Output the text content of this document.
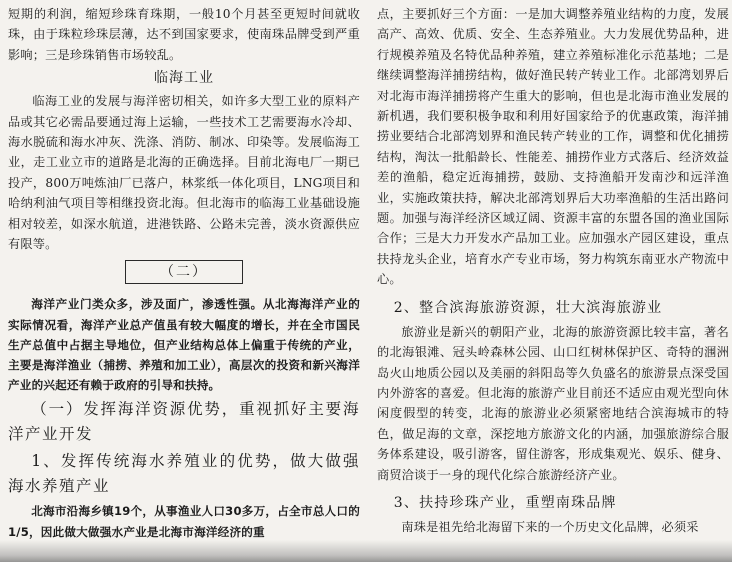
短期的利润，缩短珍珠育珠期，一般10个月甚至更短时间就收珠，由于珠粒珍珠层薄，达不到国家要求，使南珠品牌受到严重影响；三是珍珠销售市场较乱。

临海工业

临海工业的发展与海洋密切相关，如许多大型工业的原料产品或其它必需品要通过海上运输，一些技术工艺需要海水冷却、海水脱硫和海水冲灰、洗涤、消防、制冰、印染等。发展临海工业，走工业立市的道路是北海的正确选择。目前北海电厂一期已投产，800万吨炼油厂已落户，林浆纸一体化项目，LNG项目和哈纳利油气项目等相继投资北海。但北海市的临海工业基础设施相对较差，如深水航道，进港铁路、公路未完善，淡水资源供应有限等。

（二）

海洋产业门类众多，涉及面广，渗透性强。从北海海洋产业的实际情况看，海洋产业总产值虽有较大幅度的增长，并在全市国民生产总值中占据主导地位，但产业结构总体上偏重于传统的产业，主要是海洋渔业（捕捞、养殖和加工业），高层次的投资和新兴海洋产业的兴起还有赖于政府的引导和扶持。

（一）发挥海洋资源优势，重视抓好主要海洋产业开发

1、发挥传统海水养殖业的优势，做大做强海水养殖产业

北海市沿海乡镇19个，从事渔业人口30多万，占全市总人口的1/5，因此做大做强水产业是北海市海洋经济的重

点，主要抓好三个方面：一是加大调整养殖业结构的力度，发展高产、高效、优质、安全、生态养殖业。大力发展优势品种，进行规模养殖及名特优品种养殖，建立养殖标准化示范基地；二是继续调整海洋捕捞结构，做好渔民转产转业工作。北部湾划界后对北海市海洋捕捞将产生重大的影响，但也是北海市渔业发展的新机遇，我们要积极争取和利用好国家给予的优惠政策，海洋捕捞业要结合北部湾划界和渔民转产转业的工作，调整和优化捕捞结构，淘汰一批船龄长、性能差、捕捞作业方式落后、经济效益差的渔船，稳定近海捕捞，鼓励、支持渔船开发南沙和远洋渔业，实施政策扶持，解决北部湾划界后大功率渔船的生活出路问题。加强与海洋经济区域辽阔、资源丰富的东盟各国的渔业国际合作；三是大力开发水产品加工业。应加强水产园区建设，重点扶持龙头企业，培育水产专业市场，努力构筑东南亚水产物流中心。

2、整合滨海旅游资源，壮大滨海旅游业

旅游业是新兴的朝阳产业，北海的旅游资源比较丰富，著名的北海银滩、冠头岭森林公园、山口红树林保护区、奇特的涠洲岛火山地质公园以及美丽的斜阳岛等久负盛名的旅游景点深受国内外游客的喜爱。但北海的旅游产业目前还不适应由观光型向休闲度假型的转变，北海的旅游业必须紧密地结合滨海城市的特色，做足海的文章，深挖地方旅游文化的内涵，加强旅游综合服务体系建设，吸引游客，留住游客，形成集观光、娱乐、健身、商贸洽谈于一身的现代化综合旅游经济产业。

3、扶持珍珠产业，重塑南珠品牌

南珠是祖先给北海留下来的一个历史文化品牌，必须采
